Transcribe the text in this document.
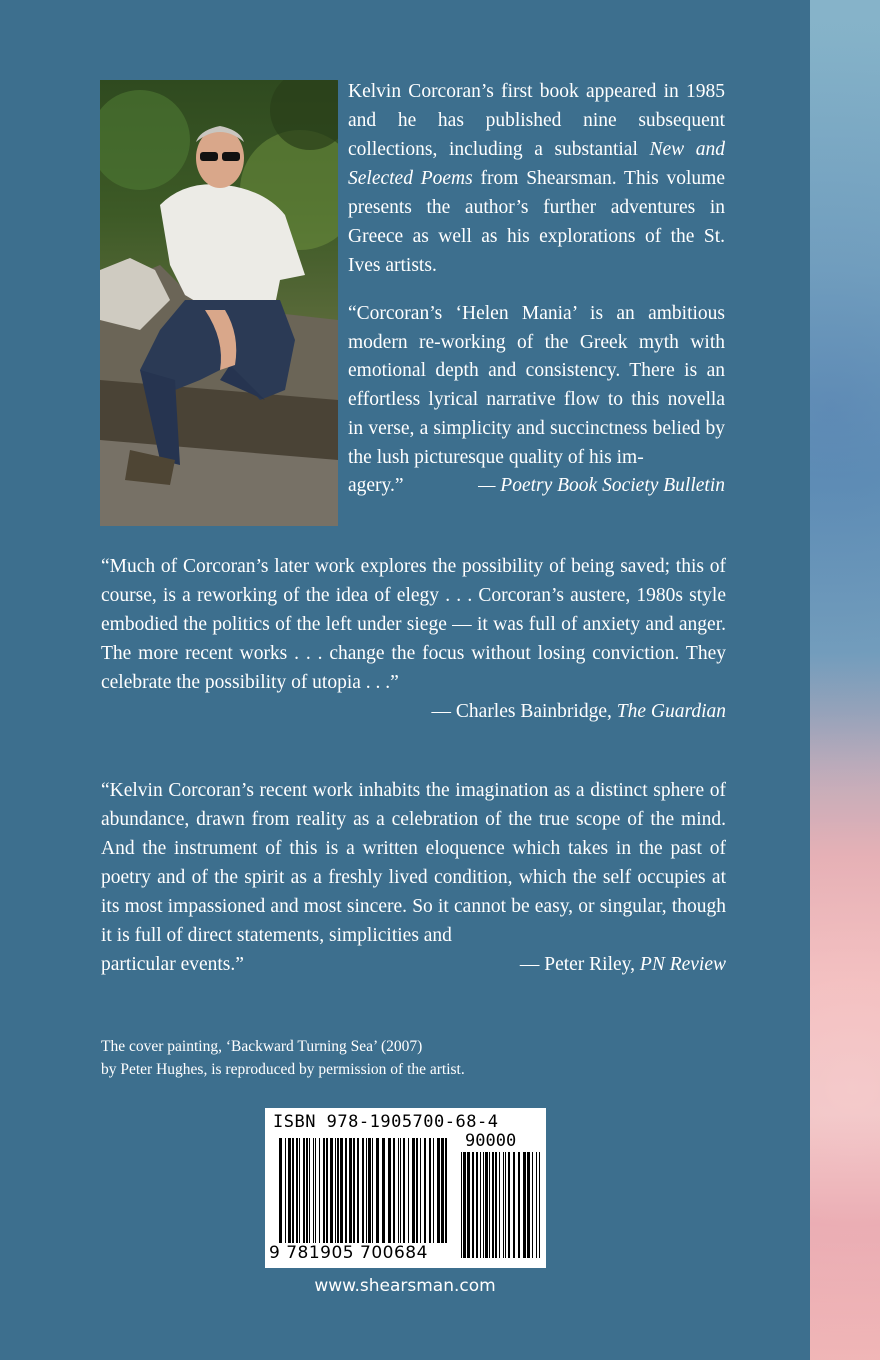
Kelvin Corcoran’s first book appeared in 1985 and he has published nine subsequent collections, including a substantial New and Selected Poems from Shearsman. This volume presents the author’s further adventures in Greece as well as his explorations of the St. Ives artists.

“Corcoran’s ‘Helen Mania’ is an ambitious modern re-working of the Greek myth with emotional depth and consistency. There is an effortless lyrical narrative flow to this novella in verse, a simplicity and succinctness belied by the lush picturesque quality of his im-

agery.”	— Poetry Book Society Bulletin

“Much of Corcoran’s later work explores the possibility of being saved; this of course, is a reworking of the idea of elegy . . . Corcoran’s austere, 1980s style embodied the politics of the left under siege — it was full of anxiety and anger. The more recent works . . . change the focus without losing conviction. They celebrate the possibility of utopia . . .”

— Charles Bainbridge, The Guardian

“Kelvin Corcoran’s recent work inhabits the imagination as a distinct sphere of abundance, drawn from reality as a celebration of the true scope of the mind. And the instrument of this is a written eloquence which takes in the past of poetry and of the spirit as a freshly lived condition, which the self occupies at its most impassioned and most sincere. So it cannot be easy, or singular, though it is full of direct statements, simplicities and

particular events.”	— Peter Riley, PN Review
The cover painting, ‘Backward Turning Sea’ (2007)
by Peter Hughes, is reproduced by permission of the artist.
ISBN 978-1905700-68-4
90000
9 781905 700684
www.shearsman.com
